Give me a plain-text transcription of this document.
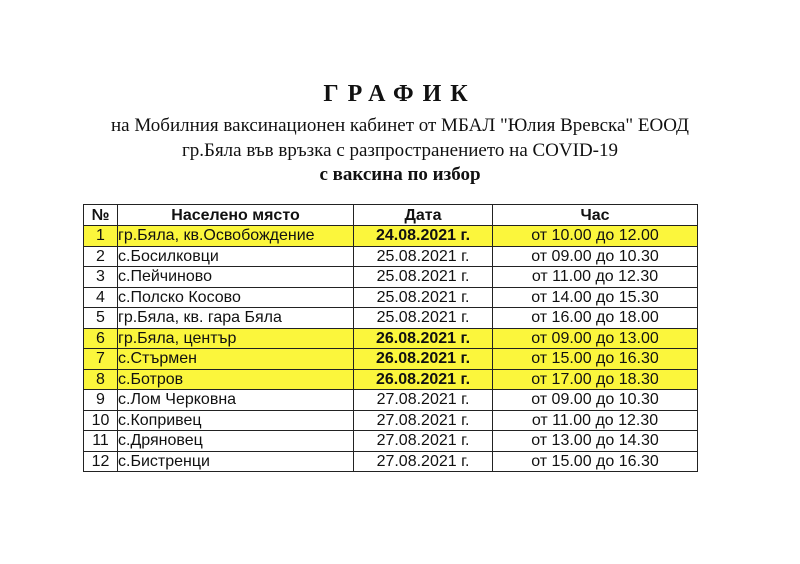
ГРАФИК
на Мобилния ваксинационен кабинет от МБАЛ "Юлия Вревска" ЕООД
гр.Бяла във връзка с разпространението на COVID-19
с ваксина по избор
№	Населено място	Дата	Час
1	гр.Бяла, кв.Освобождение	24.08.2021 г.	от 10.00 до 12.00
2	с.Босилковци	25.08.2021 г.	от 09.00 до 10.30
3	с.Пейчиново	25.08.2021 г.	от 11.00 до 12.30
4	с.Полско Косово	25.08.2021 г.	от 14.00 до 15.30
5	гр.Бяла, кв. гара Бяла	25.08.2021 г.	от 16.00 до 18.00
6	гр.Бяла, център	26.08.2021 г.	от 09.00 до 13.00
7	с.Стърмен	26.08.2021 г.	от 15.00 до 16.30
8	с.Ботров	26.08.2021 г.	от 17.00 до 18.30
9	с.Лом Черковна	27.08.2021 г.	от 09.00 до 10.30
10	с.Копривец	27.08.2021 г.	от 11.00 до 12.30
11	с.Дряновец	27.08.2021 г.	от 13.00 до 14.30
12	с.Бистренци	27.08.2021 г.	от 15.00 до 16.30
